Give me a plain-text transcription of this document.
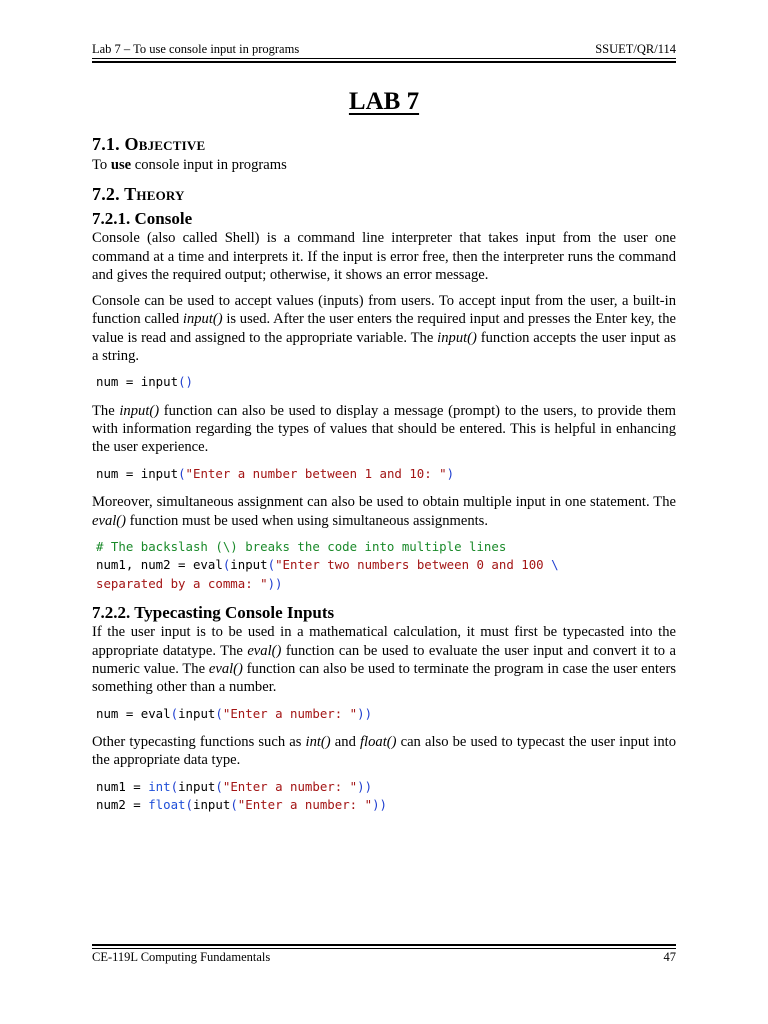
Lab 7 – To use console input in programs	SSUET/QR/114
LAB 7
7.1. Objective

To use console input in programs

7.2. Theory
7.2.1. Console

Console (also called Shell) is a command line interpreter that takes input from the user one command at a time and interprets it. If the input is error free, then the interpreter runs the command and gives the required output; otherwise, it shows an error message.

Console can be used to accept values (inputs) from users. To accept input from the user, a built-in function called input() is used. After the user enters the required input and presses the Enter key, the value is read and assigned to the appropriate variable. The input() function accepts the user input as a string.

num = input()

The input() function can also be used to display a message (prompt) to the users, to provide them with information regarding the types of values that should be entered. This is helpful in enhancing the user experience.

num = input("Enter a number between 1 and 10: ")

Moreover, simultaneous assignment can also be used to obtain multiple input in one statement. The eval() function must be used when using simultaneous assignments.

# The backslash (\) breaks the code into multiple lines
num1, num2 = eval(input("Enter two numbers between 0 and 100 \
separated by a comma: "))
7.2.2. Typecasting Console Inputs

If the user input is to be used in a mathematical calculation, it must first be typecasted into the appropriate datatype. The eval() function can be used to evaluate the user input and convert it to a numeric value. The eval() function can also be used to terminate the program in case the user enters something other than a number.

num = eval(input("Enter a number: "))

Other typecasting functions such as int() and float() can also be used to typecast the user input into the appropriate data type.

num1 = int(input("Enter a number: "))
num2 = float(input("Enter a number: "))
CE-119L Computing Fundamentals	47
